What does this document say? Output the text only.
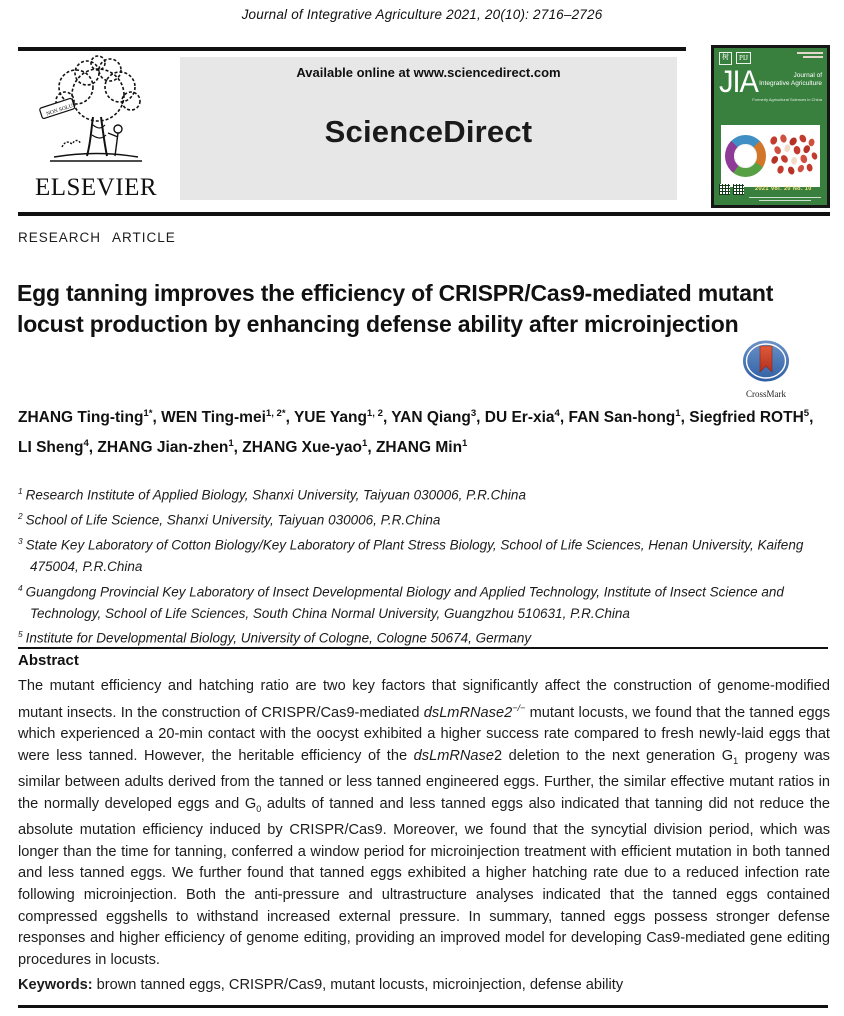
Journal of Integrative Agriculture 2021, 20(10): 2716–2726
NON SOLUS
ELSEVIER
Available online at www.sciencedirect.com
ScienceDirect
树	PIJ
JIA	Journal of
Integrative Agriculture
Formerly Agricultural Sciences in China
2021 Vol. 20 No. 10
RESEARCH ARTICLE
Egg tanning improves the efficiency of CRISPR/Cas9-mediated mutant locust production by enhancing defense ability after microinjection
CrossMark
ZHANG Ting-ting$^{1*}$, WEN Ting-mei$^{1, 2*}$, YUE Yang$^{1, 2}$, YAN Qiang$^3$, DU Er-xia$^4$, FAN San-hong$^1$, Siegfried ROTH$^5$, LI Sheng$^4$, ZHANG Jian-zhen$^1$, ZHANG Xue-yao$^1$, ZHANG Min$^1$
$^1$ Research Institute of Applied Biology, Shanxi University, Taiyuan 030006, P.R.China
$^2$ School of Life Science, Shanxi University, Taiyuan 030006, P.R.China
$^3$ State Key Laboratory of Cotton Biology/Key Laboratory of Plant Stress Biology, School of Life Sciences, Henan University, Kaifeng 475004, P.R.China
$^4$ Guangdong Provincial Key Laboratory of Insect Developmental Biology and Applied Technology, Institute of Insect Science and Technology, School of Life Sciences, South China Normal University, Guangzhou 510631, P.R.China
$^5$ Institute for Developmental Biology, University of Cologne, Cologne 50674, Germany
Abstract
The mutant efficiency and hatching ratio are two key factors that significantly affect the construction of genome-modified mutant insects. In the construction of CRISPR/Cas9-mediated dsLmRNase2−/− mutant locusts, we found that the tanned eggs which experienced a 20-min contact with the oocyst exhibited a higher success rate compared to fresh newly-laid eggs that were less tanned. However, the heritable efficiency of the dsLmRNase2 deletion to the next generation $G_1$ progeny was similar between adults derived from the tanned or less tanned engineered eggs. Further, the similar effective mutant ratios in the normally developed eggs and $G_0$ adults of tanned and less tanned eggs also indicated that tanning did not reduce the absolute mutation efficiency induced by CRISPR/Cas9. Moreover, we found that the syncytial division period, which was longer than the time for tanning, conferred a window period for microinjection treatment with efficient mutation in both tanned and less tanned eggs. We further found that tanned eggs exhibited a higher hatching rate due to a reduced infection rate following microinjection. Both the anti-pressure and ultrastructure analyses indicated that the tanned eggs contained compressed eggshells to withstand increased external pressure. In summary, tanned eggs possess stronger defense responses and higher efficiency of genome editing, providing an improved model for developing Cas9-mediated gene editing procedures in locusts.
Keywords: brown tanned eggs, CRISPR/Cas9, mutant locusts, microinjection, defense ability
